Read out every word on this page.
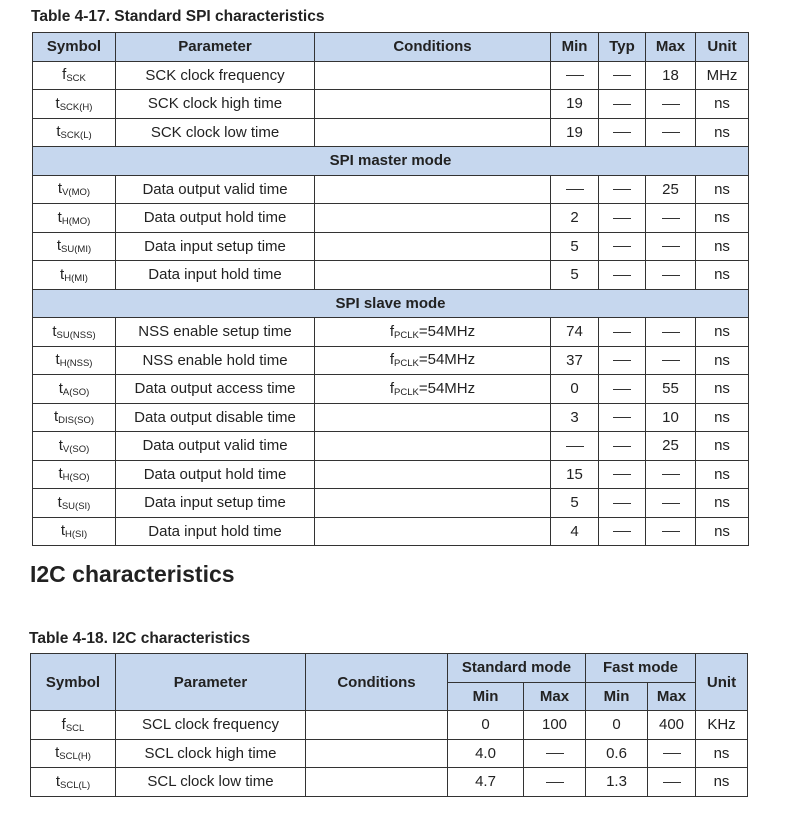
Table 4-17. Standard SPI characteristics
Symbol	Parameter	Conditions	Min	Typ	Max	Unit
$f_{SCK}$	SCK clock frequency				18	MHz
$t_{SCK(H)}$	SCK clock high time		19			ns
$t_{SCK(L)}$	SCK clock low time		19			ns
SPI master mode						
$t_{V(MO)}$	Data output valid time				25	ns
$t_{H(MO)}$	Data output hold time		2			ns
$t_{SU(MI)}$	Data input setup time		5			ns
$t_{H(MI)}$	Data input hold time		5			ns
SPI slave mode						
$t_{SU(NSS)}$	NSS enable setup time	$f_{PCLK}=54MHz$	74			ns
$t_{H(NSS)}$	NSS enable hold time	$f_{PCLK}=54MHz$	37			ns
$t_{A(SO)}$	Data output access time	$f_{PCLK}=54MHz$	0		55	ns
$t_{DIS(SO)}$	Data output disable time		3		10	ns
$t_{V(SO)}$	Data output valid time				25	ns
$t_{H(SO)}$	Data output hold time		15			ns
$t_{SU(SI)}$	Data input setup time		5			ns
$t_{H(SI)}$	Data input hold time		4			ns
I2C characteristics
Table 4-18. I2C characteristics
Symbol	Parameter	Conditions	Standard mode		Fast mode		Unit
			Min	Max	Min	Max	
$f_{SCL}$	SCL clock frequency		0	100	0	400	KHz
$t_{SCL(H)}$	SCL clock high time		4.0		0.6		ns
$t_{SCL(L)}$	SCL clock low time		4.7		1.3		ns
